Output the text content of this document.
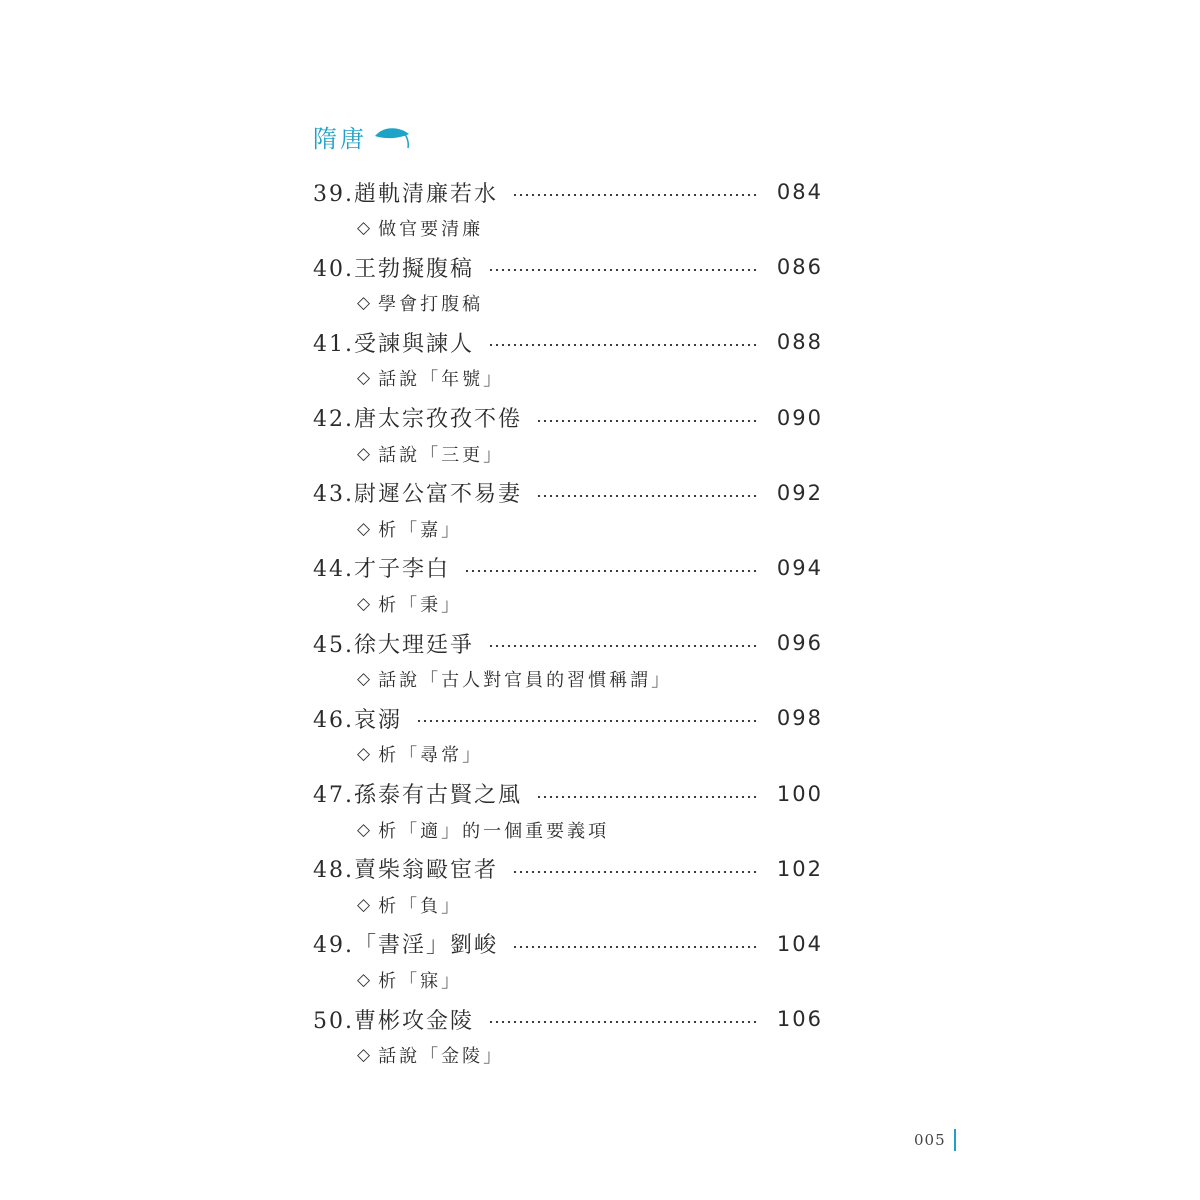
隋唐
39.趙軌清廉若水	084
◇ 做官要清廉
40.王勃擬腹稿	086
◇ 學會打腹稿
41.受諫與諫人	088
◇ 話說「年號」
42.唐太宗孜孜不倦	090
◇ 話說「三更」
43.尉遲公富不易妻	092
◇ 析「嘉」
44.才子李白	094
◇ 析「秉」
45.徐大理廷爭	096
◇ 話說「古人對官員的習慣稱謂」
46.哀溺	098
◇ 析「尋常」
47.孫泰有古賢之風	100
◇ 析「適」的一個重要義項
48.賣柴翁毆宦者	102
◇ 析「負」
49.「書淫」劉峻	104
◇ 析「寐」
50.曹彬攻金陵	106
◇ 話說「金陵」
005
